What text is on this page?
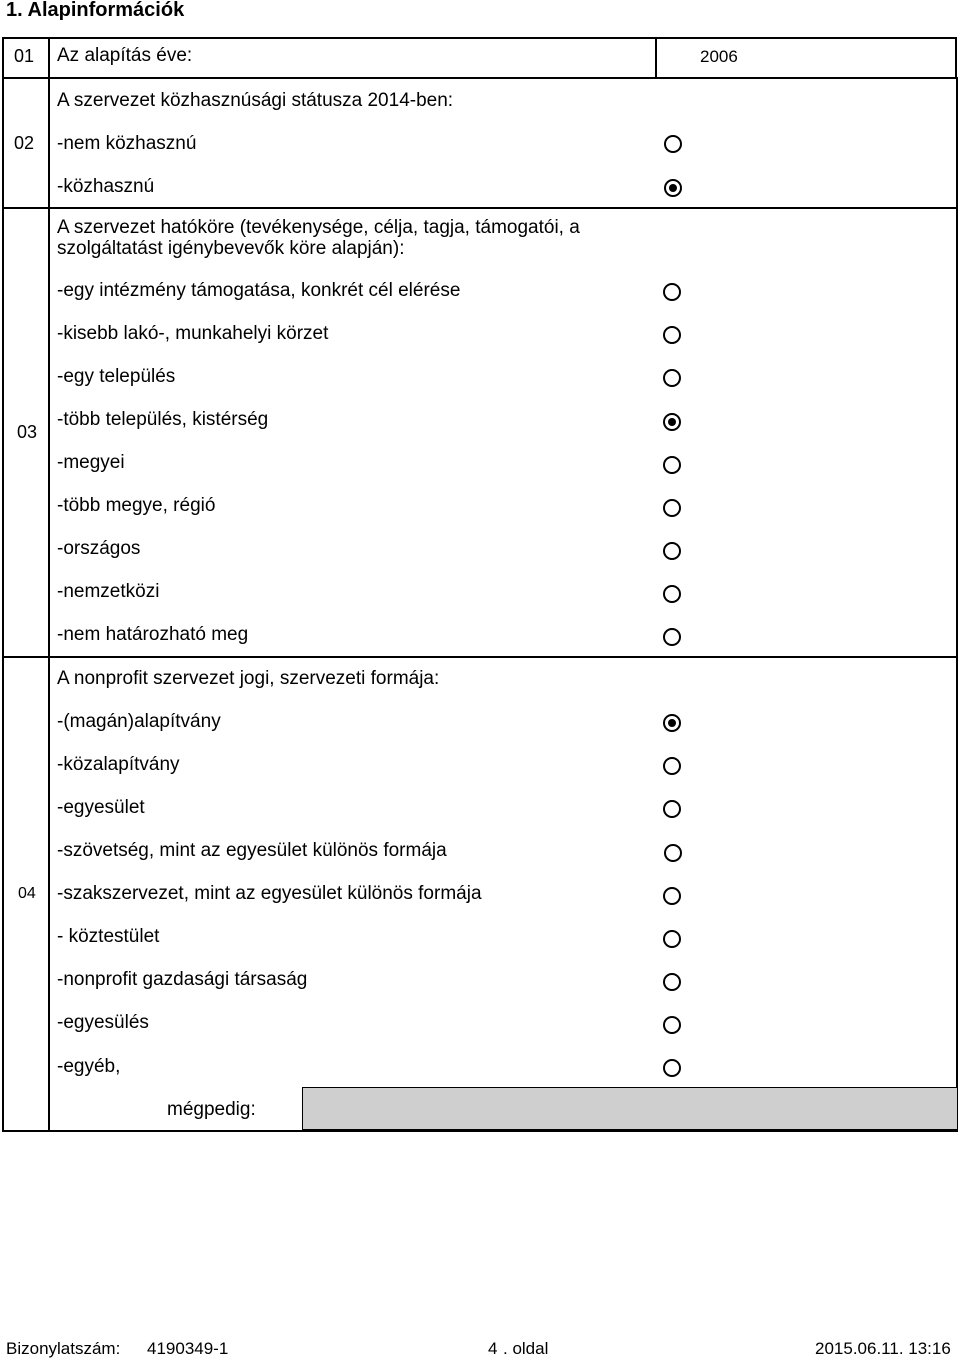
1. Alapinformációk
01 Az alapítás éve:	2006
02
A szervezet közhasznúsági státusza 2014-ben:
-nem közhasznú
-közhasznú
03
A szervezet hatóköre (tevékenysége, célja, tagja, támogatói, a
szolgáltatást igénybevevők köre alapján):
-egy intézmény támogatása, konkrét cél elérése
-kisebb lakó-, munkahelyi körzet
-egy település
-több település, kistérség
-megyei
-több megye, régió
-országos
-nemzetközi
-nem határozható meg
04
A nonprofit szervezet jogi, szervezeti formája:
-(magán)alapítvány
-közalapítvány
-egyesület
-szövetség, mint az egyesület különös formája
-szakszervezet, mint az egyesület különös formája
- köztestület
-nonprofit gazdasági társaság
-egyesülés
-egyéb,
mégpedig:
Bizonylatszám: 4190349-1	4 . oldal	2015.06.11. 13:16
